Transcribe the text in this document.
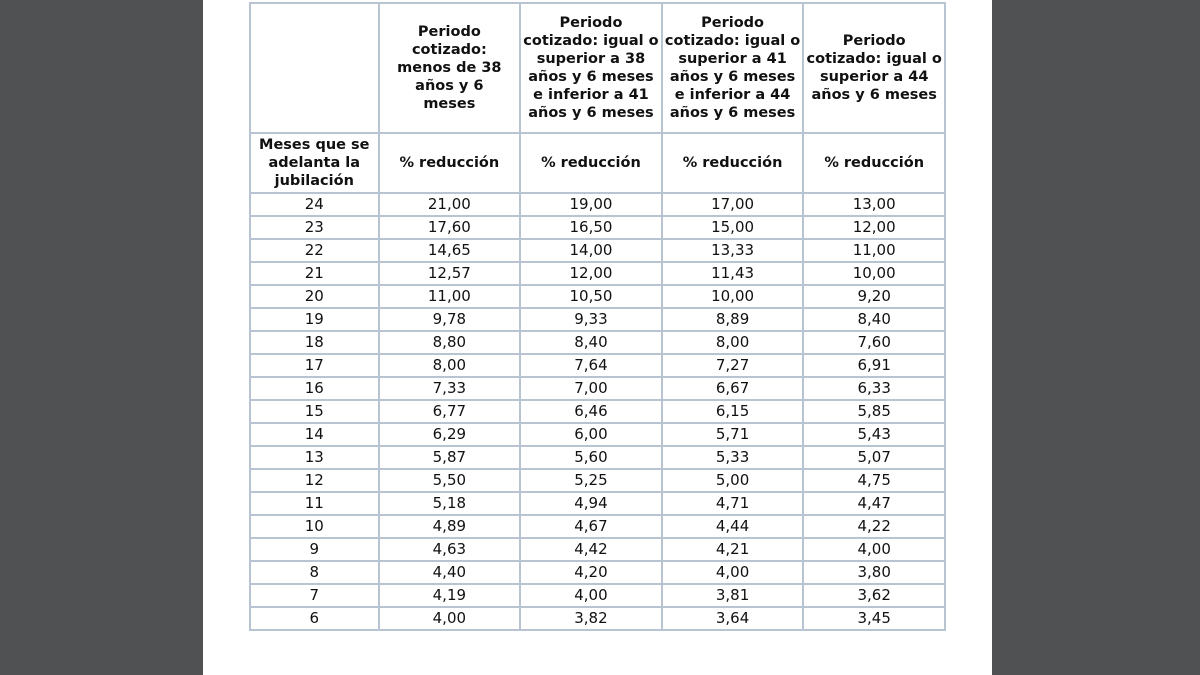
	Periodo cotizado: menos de 38 años y 6 meses	Periodo cotizado: igual o superior a 38 años y 6 meses e inferior a 41 años y 6 meses	Periodo cotizado: igual o superior a 41 años y 6 meses e inferior a 44 años y 6 meses	Periodo cotizado: igual o superior a 44 años y 6 meses
Meses que se adelanta la jubilación	% reducción	% reducción	% reducción	% reducción
24	21,00	19,00	17,00	13,00
23	17,60	16,50	15,00	12,00
22	14,65	14,00	13,33	11,00
21	12,57	12,00	11,43	10,00
20	11,00	10,50	10,00	9,20
19	9,78	9,33	8,89	8,40
18	8,80	8,40	8,00	7,60
17	8,00	7,64	7,27	6,91
16	7,33	7,00	6,67	6,33
15	6,77	6,46	6,15	5,85
14	6,29	6,00	5,71	5,43
13	5,87	5,60	5,33	5,07
12	5,50	5,25	5,00	4,75
11	5,18	4,94	4,71	4,47
10	4,89	4,67	4,44	4,22
9	4,63	4,42	4,21	4,00
8	4,40	4,20	4,00	3,80
7	4,19	4,00	3,81	3,62
6	4,00	3,82	3,64	3,45
